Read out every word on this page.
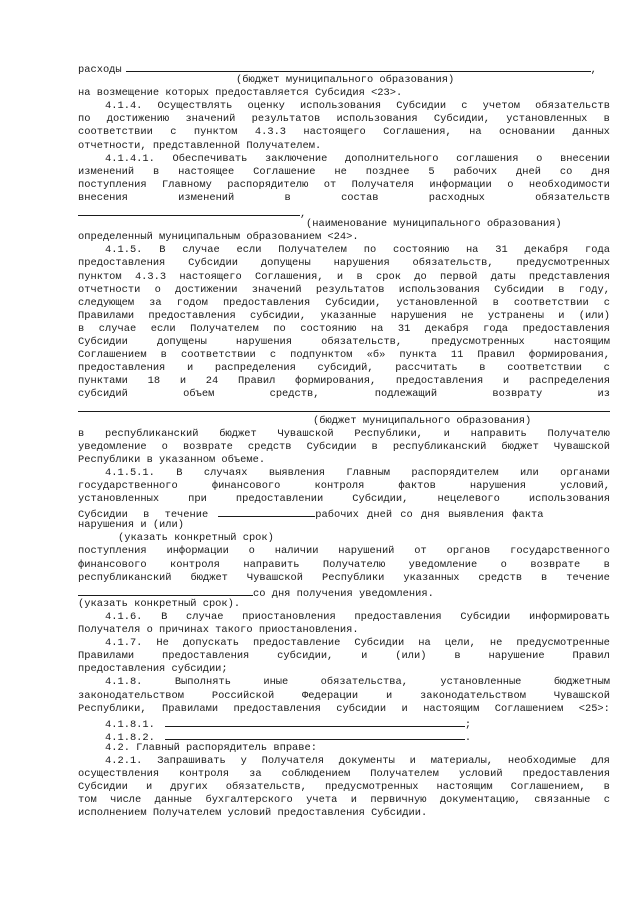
расходы	,
(бюджет муниципального образования)
на возмещение которых предоставляется Субсидия <23>.
4.1.4. Осуществлять оценку использования Субсидии с учетом обязательств
по достижению значений результатов использования Субсидии, установленных в
соответствии с пунктом 4.3.3 настоящего Соглашения, на основании данных
отчетности, представленной Получателем.
4.1.4.1. Обеспечивать заключение дополнительного соглашения о внесении
изменений в настоящее Соглашение не позднее 5 рабочих дней со дня
поступления Главному распорядителю от Получателя информации о необходимости
внесения	изменений	в	состав	расходных	обязательств
,
(наименование муниципального образования)
определенный муниципальным образованием <24>.
4.1.5. В случае если Получателем по состоянию на 31 декабря года
предоставления Субсидии допущены нарушения обязательств, предусмотренных
пунктом 4.3.3 настоящего Соглашения, и в срок до первой даты представления
отчетности о достижении значений результатов использования Субсидии в году,
следующем за годом предоставления Субсидии, установленной в соответствии с
Правилами предоставления субсидии, указанные нарушения не устранены и (или)
в случае если Получателем по состоянию на 31 декабря года предоставления
Субсидии	допущены	нарушения	обязательств,	предусмотренных	настоящим
Соглашением в соответствии с подпунктом «б» пункта 11 Правил формирования,
предоставления и распределения субсидий, рассчитать в соответствии с
пунктами 18 и 24 Правил формирования, предоставления и распределения
субсидий	объем	средств,	подлежащий	возврату	из
(бюджет муниципального образования)
в республиканский бюджет Чувашской Республики, и направить Получателю
уведомление о возврате средств Субсидии в республиканский бюджет Чувашской
Республики в указанном объеме.
4.1.5.1. В случаях выявления Главным распорядителем или органами
государственного	финансового	контроля	фактов	нарушения	условий,
установленных	при	предоставлении	Субсидии,	нецелевого	использования
Субсидии в течение	рабочих дней со дня выявления факта
нарушения и (или)
(указать конкретный срок)
поступления информации о наличии нарушений от органов государственного
финансового контроля направить Получателю уведомление о возврате в
республиканский бюджет Чувашской Республики указанных средств в течение
со дня получения уведомления.
(указать конкретный срок).
4.1.6. В случае приостановления предоставления Субсидии информировать
Получателя о причинах такого приостановления.
4.1.7. Не допускать предоставление Субсидии на цели, не предусмотренные
Правилами	предоставления	субсидии,	и	(или)	в	нарушение	Правил
предоставления субсидии;
4.1.8.	Выполнять	иные	обязательства,	установленные	бюджетным
законодательством	Российской	Федерации	и	законодательством	Чувашской
Республики, Правилами предоставления субсидии и настоящим Соглашением <25>:
4.1.8.1.	;
4.1.8.2.	.
4.2. Главный распорядитель вправе:
4.2.1. Запрашивать у Получателя документы и материалы, необходимые для
осуществления контроля за соблюдением Получателем условий предоставления
Субсидии и других обязательств, предусмотренных настоящим Соглашением, в
том числе данные бухгалтерского учета и первичную документацию, связанные с
исполнением Получателем условий предоставления Субсидии.
